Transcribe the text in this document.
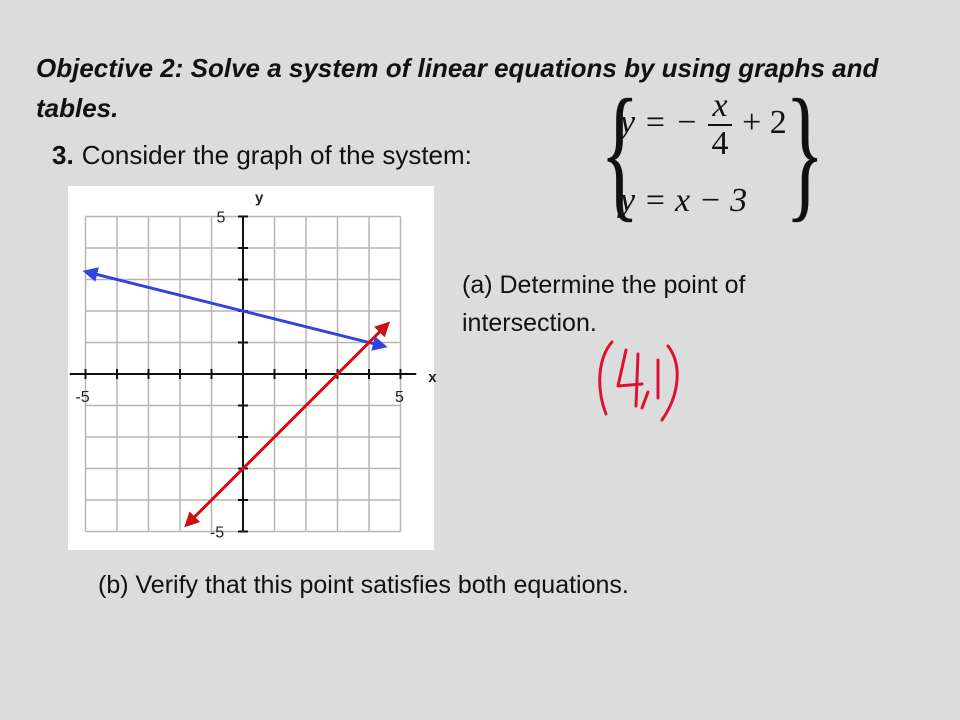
Objective 2: Solve a system of linear equations by using graphs and tables.
3. Consider the graph of the system: {
y = − $\frac{x}{4} + 2$
y = x − 3 }
-5	5
5
-5
x
y
(a) Determine the point of intersection.
(b) Verify that this point satisfies both equations.
